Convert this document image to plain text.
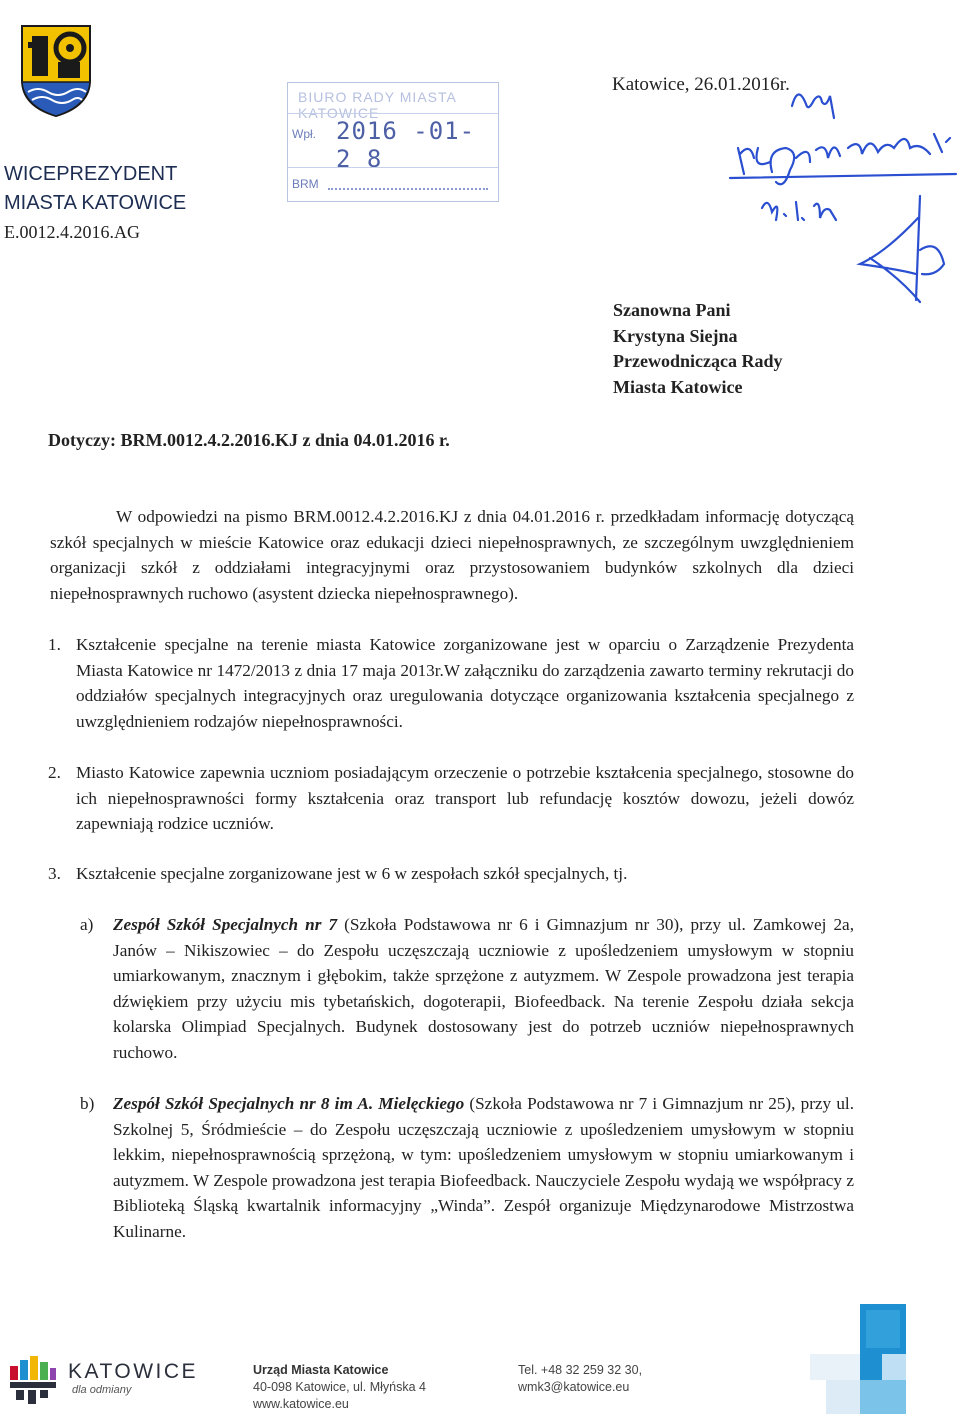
WICEPREZYDENT
MIASTA KATOWICE
E.0012.4.2016.AG
BIURO RADY MIASTA KATOWICE
Wpł. 2016 -01- 2 8
BRM
Katowice, 26.01.2016r.
Szanowna Pani
Krystyna Siejna
Przewodnicząca Rady
Miasta Katowice
Dotyczy: BRM.0012.4.2.2016.KJ z dnia 04.01.2016 r.
W odpowiedzi na pismo BRM.0012.4.2.2016.KJ z dnia 04.01.2016 r. przedkładam informację dotyczącą szkół specjalnych w mieście Katowice oraz edukacji dzieci niepełnosprawnych, ze szczególnym uwzględnieniem organizacji szkół z oddziałami integracyjnymi oraz przystosowaniem budynków szkolnych dla dzieci niepełnosprawnych ruchowo (asystent dziecka niepełnosprawnego).
1. Kształcenie specjalne na terenie miasta Katowice zorganizowane jest w oparciu o Zarządzenie Prezydenta Miasta Katowice nr 1472/2013 z dnia 17 maja 2013r.W załączniku do zarządzenia zawarto terminy rekrutacji do oddziałów specjalnych integracyjnych oraz uregulowania dotyczące organizowania kształcenia specjalnego z uwzględnieniem rodzajów niepełnosprawności.
2. Miasto Katowice zapewnia uczniom posiadającym orzeczenie o potrzebie kształcenia specjalnego, stosowne do ich niepełnosprawności formy kształcenia oraz transport lub refundację kosztów dowozu, jeżeli dowóz zapewniają rodzice uczniów.
3. Kształcenie specjalne zorganizowane jest w 6 w zespołach szkół specjalnych, tj.
a) Zespół Szkół Specjalnych nr 7 (Szkoła Podstawowa nr 6 i Gimnazjum nr 30), przy ul. Zamkowej 2a, Janów – Nikiszowiec – do Zespołu uczęszczają uczniowie z upośledzeniem umysłowym w stopniu umiarkowanym, znacznym i głębokim, także sprzężone z autyzmem. W Zespole prowadzona jest terapia dźwiękiem przy użyciu mis tybetańskich, dogoterapii, Biofeedback. Na terenie Zespołu działa sekcja kolarska Olimpiad Specjalnych. Budynek dostosowany jest do potrzeb uczniów niepełnosprawnych ruchowo.
b) Zespół Szkół Specjalnych nr 8 im A. Mielęckiego (Szkoła Podstawowa nr 7 i Gimnazjum nr 25), przy ul. Szkolnej 5, Śródmieście – do Zespołu uczęszczają uczniowie z upośledzeniem umysłowym w stopniu lekkim, niepełnosprawnością sprzężoną, w tym: upośledzeniem umysłowym w stopniu umiarkowanym i autyzmem. W Zespole prowadzona jest terapia Biofeedback. Nauczyciele Zespołu wydają we współpracy z Biblioteką Śląską kwartalnik informacyjny „Winda”. Zespół organizuje Międzynarodowe Mistrzostwa Kulinarne.
KATOWICE
dla odmiany
Urząd Miasta Katowice
40-098 Katowice, ul. Młyńska 4
www.katowice.eu
Tel. +48 32 259 32 30,
wmk3@katowice.eu
